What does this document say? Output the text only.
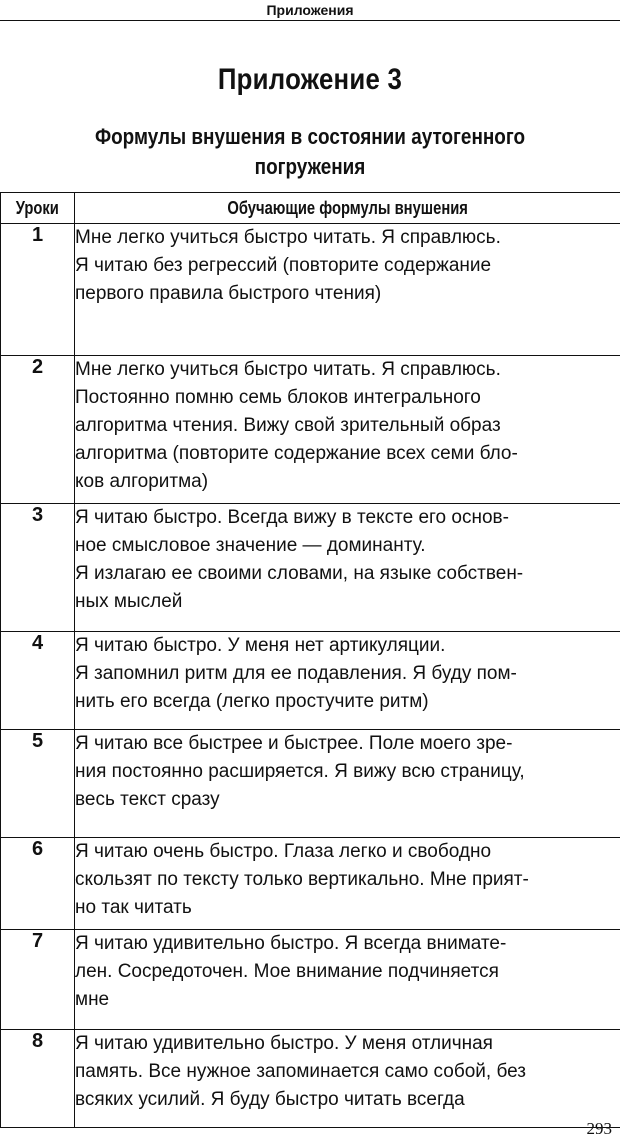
Приложения
Приложение 3
Формулы внушения в состоянии аутогенного погружения
Уроки	Обучающие формулы внушения
1	Мне легко учиться быстро читать. Я справлюсь.
Я читаю без регрессий (повторите содержание
первого правила быстрого чтения)
2	Мне легко учиться быстро читать. Я справлюсь.
Постоянно помню семь блоков интегрального
алгоритма чтения. Вижу свой зрительный образ
алгоритма (повторите содержание всех семи бло-
ков алгоритма)
3	Я читаю быстро. Всегда вижу в тексте его основ-
ное смысловое значение — доминанту.
Я излагаю ее своими словами, на языке собствен-
ных мыслей
4	Я читаю быстро. У меня нет артикуляции.
Я запомнил ритм для ее подавления. Я буду пом-
нить его всегда (легко простучите ритм)
5	Я читаю все быстрее и быстрее. Поле моего зре-
ния постоянно расширяется. Я вижу всю страницу,
весь текст сразу
6	Я читаю очень быстро. Глаза легко и свободно
скользят по тексту только вертикально. Мне прият-
но так читать
7	Я читаю удивительно быстро. Я всегда внимате-
лен. Сосредоточен. Мое внимание подчиняется
мне
8	Я читаю удивительно быстро. У меня отличная
память. Все нужное запоминается само собой, без
всяких усилий. Я буду быстро читать всегда
293
